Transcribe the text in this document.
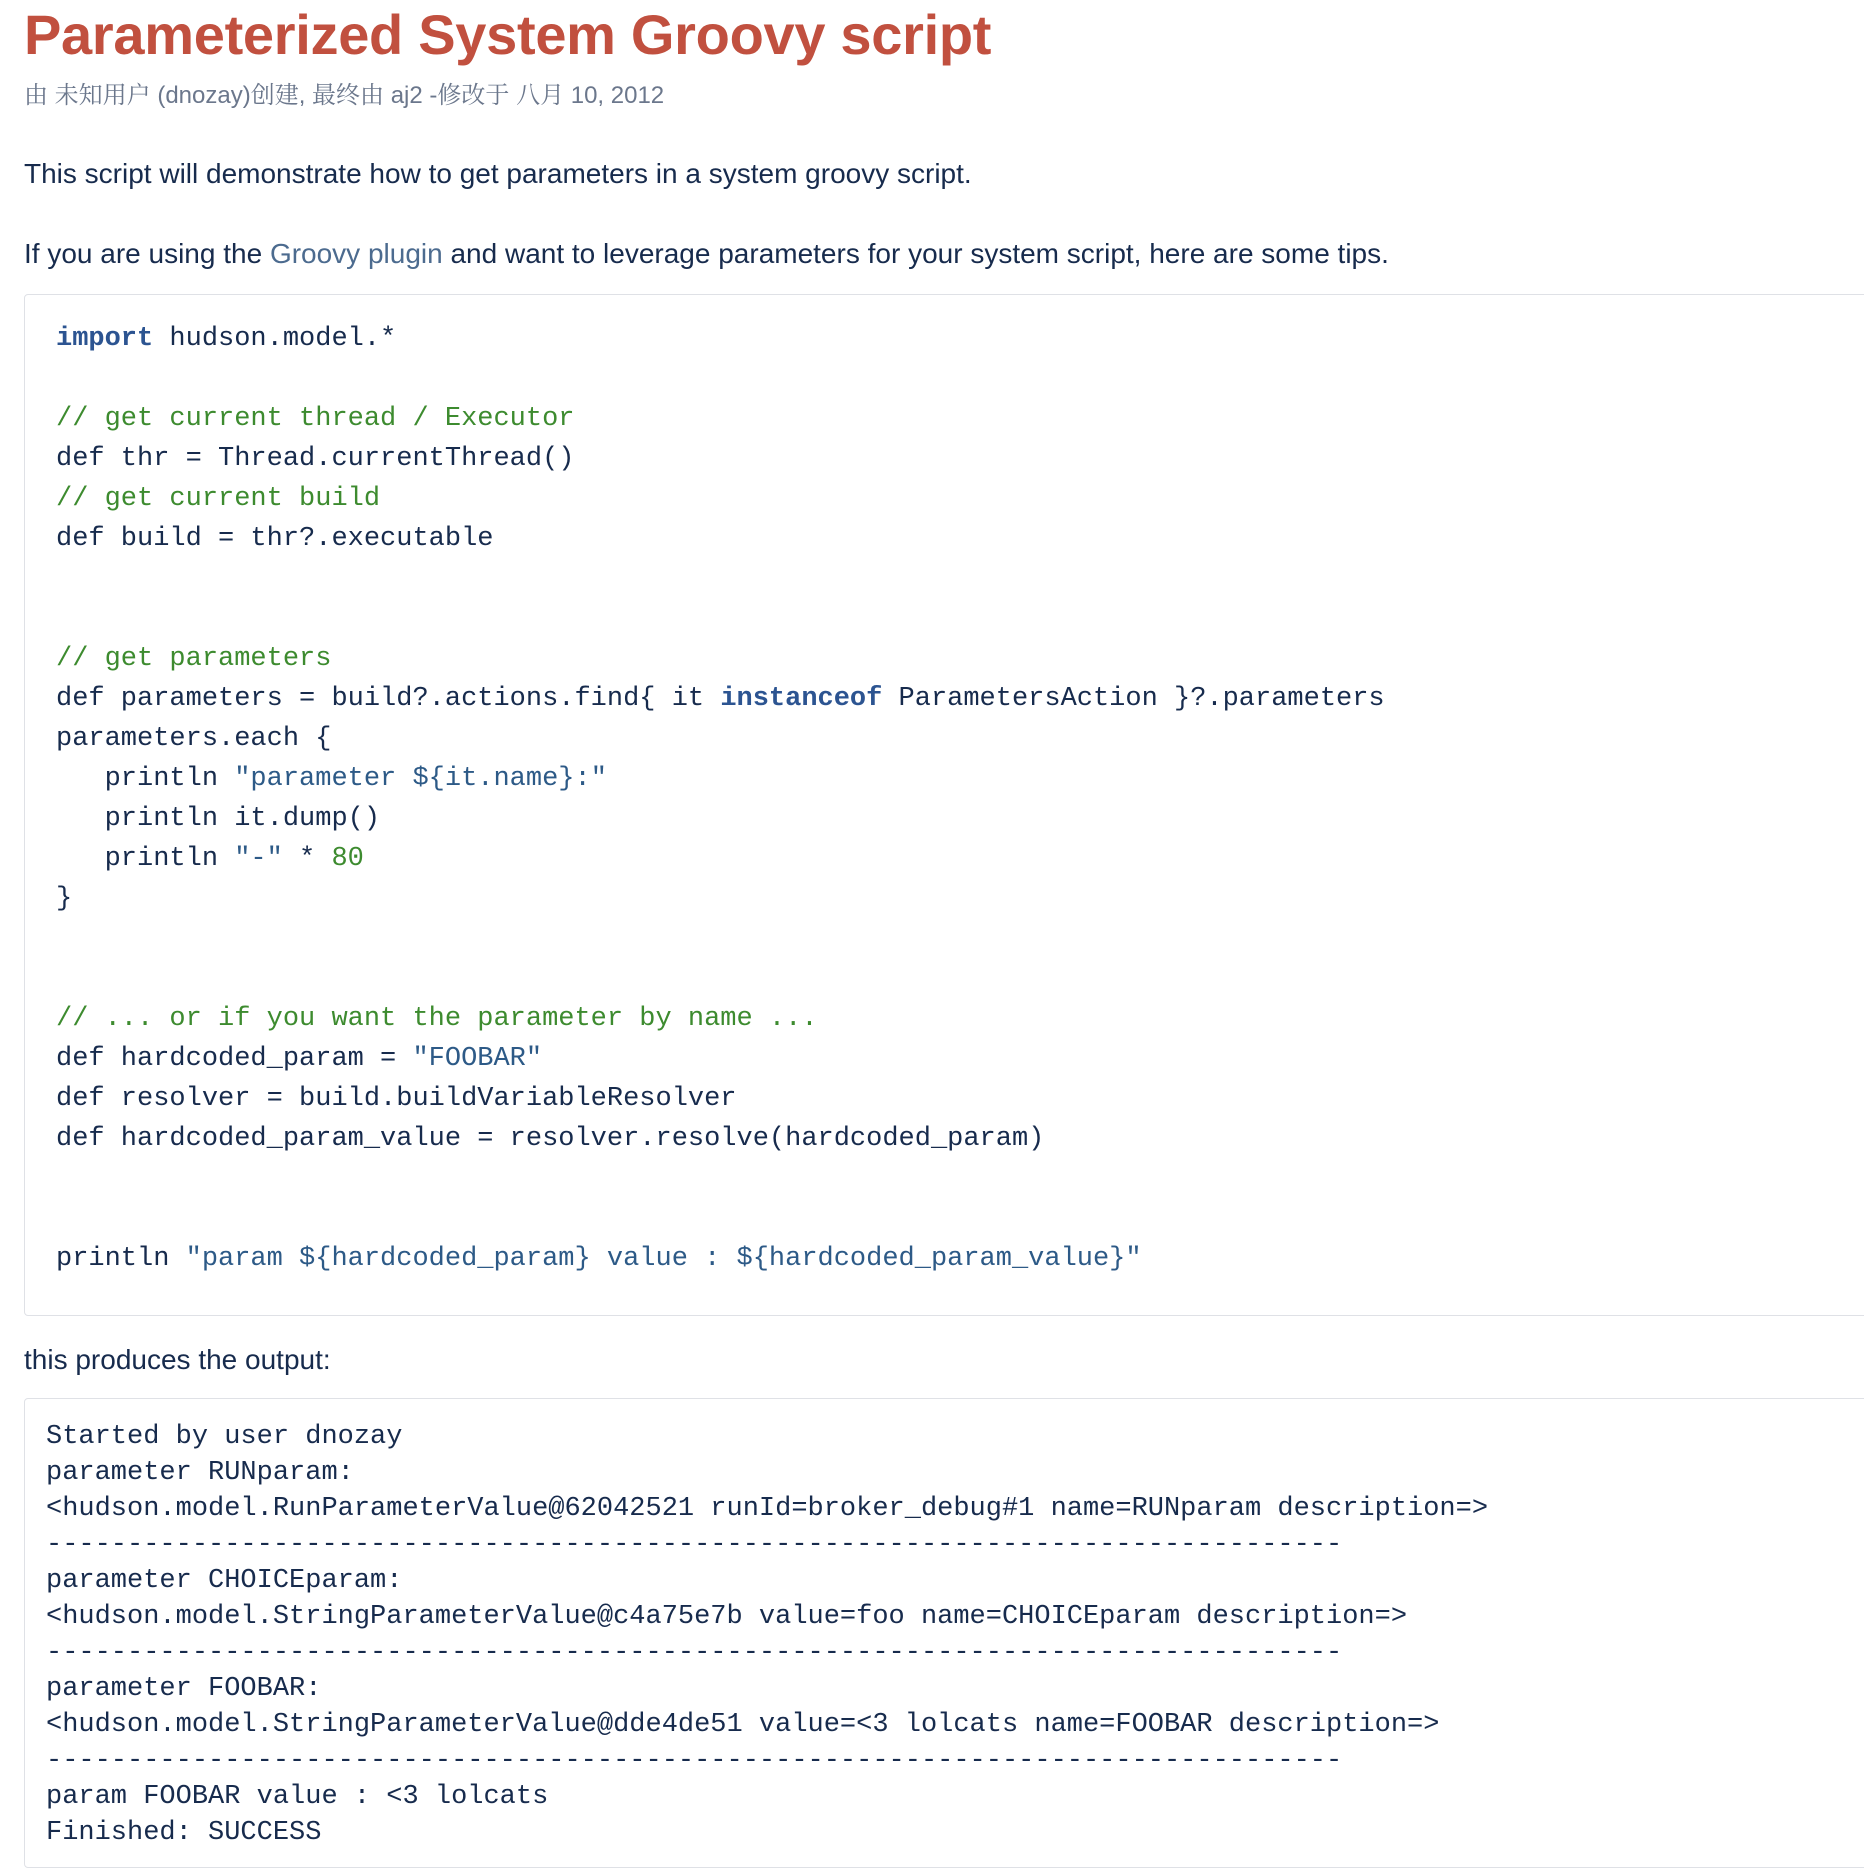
Parameterized System Groovy script
由 未知用户 (dnozay)创建, 最终由 aj2 -修改于 八月 10, 2012

This script will demonstrate how to get parameters in a system groovy script.

If you are using the Groovy plugin and want to leverage parameters for your system script, here are some tips.

import hudson.model.*
// get current thread / Executor
def thr = Thread.currentThread()
// get current build
def build = thr?.executable
// get parameters
def parameters = build?.actions.find{ it instanceof ParametersAction }?.parameters
parameters.each {
println "parameter ${it.name}:"
println it.dump()
println "-" * 80
}
// ... or if you want the parameter by name ...
def hardcoded_param = "FOOBAR"
def resolver = build.buildVariableResolver
def hardcoded_param_value = resolver.resolve(hardcoded_param)
println "param ${hardcoded_param} value : ${hardcoded_param_value}"

this produces the output:

Started by user dnozay
parameter RUNparam:
<hudson.model.RunParameterValue@62042521 runId=broker_debug#1 name=RUNparam description=>
--------------------------------------------------------------------------------
parameter CHOICEparam:
<hudson.model.StringParameterValue@c4a75e7b value=foo name=CHOICEparam description=>
--------------------------------------------------------------------------------
parameter FOOBAR:
<hudson.model.StringParameterValue@dde4de51 value=<3 lolcats name=FOOBAR description=>
--------------------------------------------------------------------------------
param FOOBAR value : <3 lolcats
Finished: SUCCESS
